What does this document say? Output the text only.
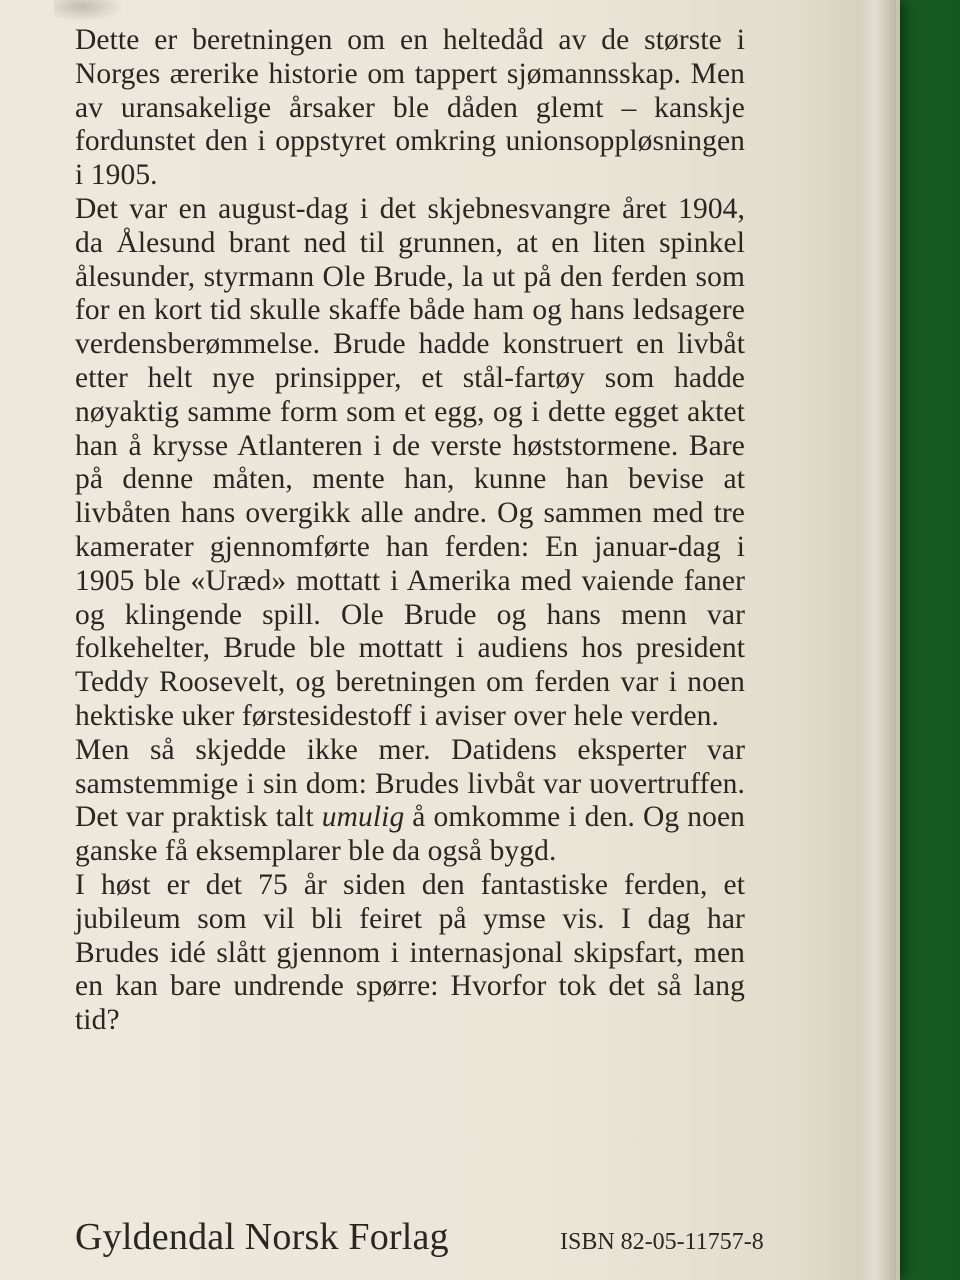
Dette er beretningen om en heltedåd av de største i Norges ærerike historie om tappert sjømannsskap. Men av uransakelige årsaker ble dåden glemt – kanskje fordunstet den i oppstyret omkring unionsoppløsningen i 1905.

Det var en august-dag i det skjebnesvangre året 1904, da Ålesund brant ned til grunnen, at en liten spinkel ålesunder, styrmann Ole Brude, la ut på den ferden som for en kort tid skulle skaffe både ham og hans ledsagere verdensberømmelse. Brude hadde konstruert en livbåt etter helt nye prinsipper, et stål-fartøy som hadde nøyaktig samme form som et egg, og i dette egget aktet han å krysse Atlanteren i de verste høststormene. Bare på denne måten, mente han, kunne han bevise at livbåten hans overgikk alle andre. Og sammen med tre kamerater gjennomførte han ferden: En januar-dag i 1905 ble «Uræd» mottatt i Amerika med vaiende faner og klingende spill. Ole Brude og hans menn var folkehelter, Brude ble mottatt i audiens hos president Teddy Roosevelt, og beretningen om ferden var i noen hektiske uker førstesidestoff i aviser over hele verden.

Men så skjedde ikke mer. Datidens eksperter var samstemmige i sin dom: Brudes livbåt var uovertruffen. Det var praktisk talt umulig å omkomme i den. Og noen ganske få eksemplarer ble da også bygd.

I høst er det 75 år siden den fantastiske ferden, et jubileum som vil bli feiret på ymse vis. I dag har Brudes idé slått gjennom i internasjonal skipsfart, men en kan bare undrende spørre: Hvorfor tok det så lang tid?

Gyldendal Norsk Forlag	ISBN 82-05-11757-8
